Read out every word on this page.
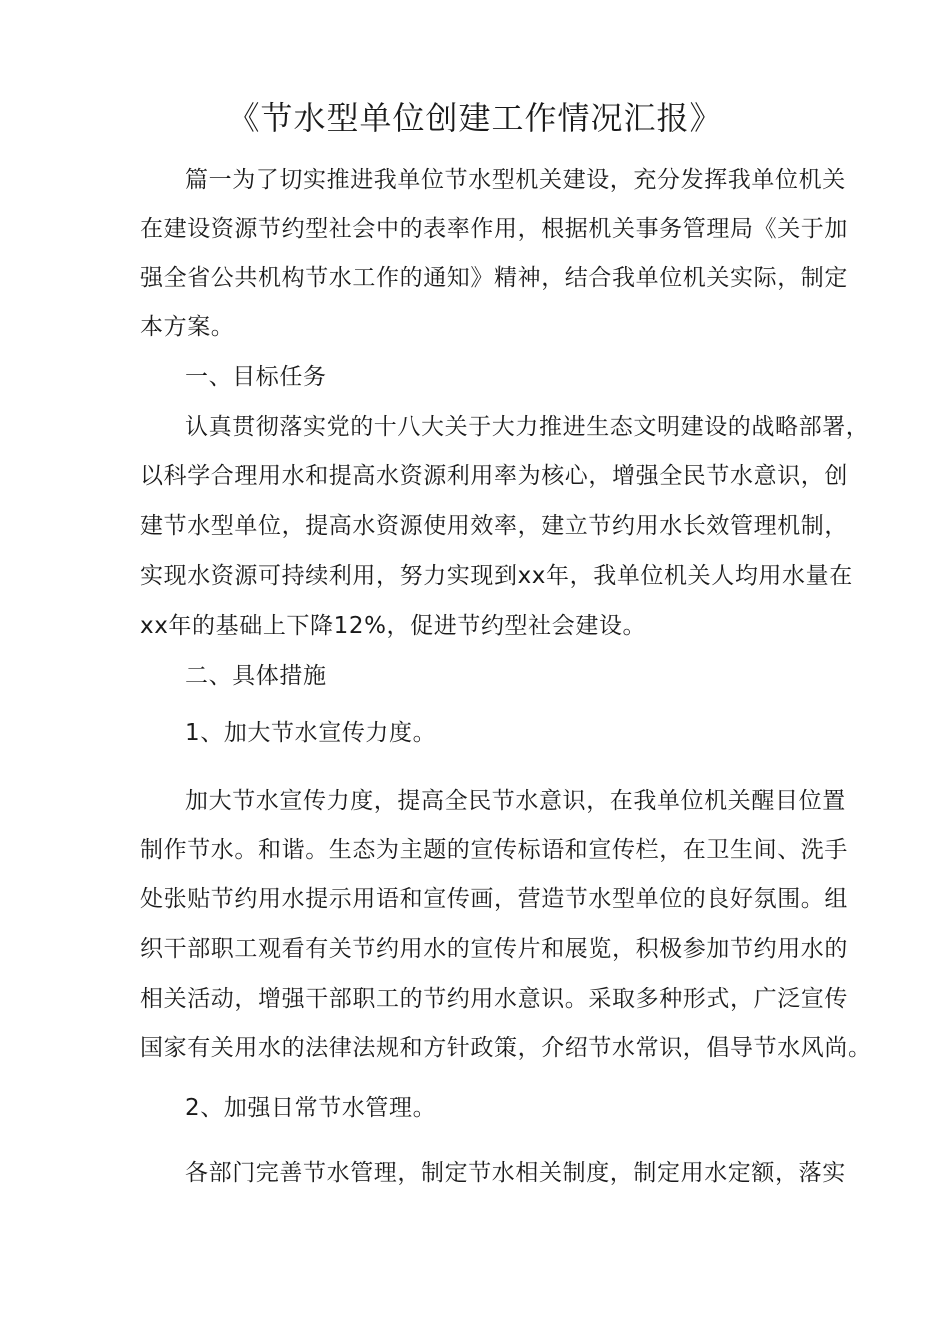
《节水型单位创建工作情况汇报》

篇一为了切实推进我单位节水型机关建设，充分发挥我单位机关

在建设资源节约型社会中的表率作用，根据机关事务管理局《关于加

强全省公共机构节水工作的通知》精神，结合我单位机关实际，制定

本方案。

一、目标任务

认真贯彻落实党的十八大关于大力推进生态文明建设的战略部署，

以科学合理用水和提高水资源利用率为核心，增强全民节水意识，创

建节水型单位，提高水资源使用效率，建立节约用水长效管理机制，

实现水资源可持续利用，努力实现到xx年，我单位机关人均用水量在

xx年的基础上下降12%，促进节约型社会建设。

二、具体措施

1、加大节水宣传力度。

加大节水宣传力度，提高全民节水意识，在我单位机关醒目位置

制作节水。和谐。生态为主题的宣传标语和宣传栏，在卫生间、洗手

处张贴节约用水提示用语和宣传画，营造节水型单位的良好氛围。组

织干部职工观看有关节约用水的宣传片和展览，积极参加节约用水的

相关活动，增强干部职工的节约用水意识。采取多种形式，广泛宣传

国家有关用水的法律法规和方针政策，介绍节水常识，倡导节水风尚。

2、加强日常节水管理。

各部门完善节水管理，制定节水相关制度，制定用水定额，落实
